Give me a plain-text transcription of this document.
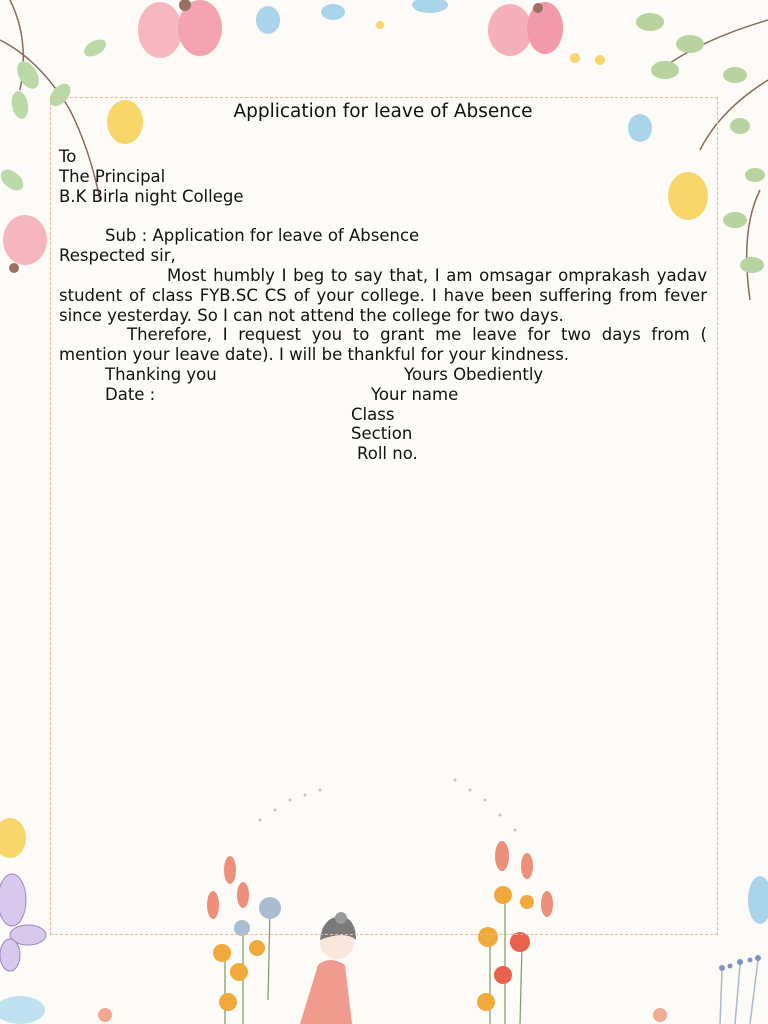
Application for leave of Absence
To
The Principal
B.K Birla night College
Sub : Application for leave of Absence
Respected sir,

Most humbly I beg to say that, I am omsagar omprakash yadav student of class FYB.SC CS of your college. I have been suffering from fever since yesterday. So I can not attend the college for two days.

Therefore, I request you to grant me leave for two days from ( mention your leave date). I will be thankful for your kindness.

Thanking you	Yours Obediently
Date :	Your name
Class
Section
Roll no.
